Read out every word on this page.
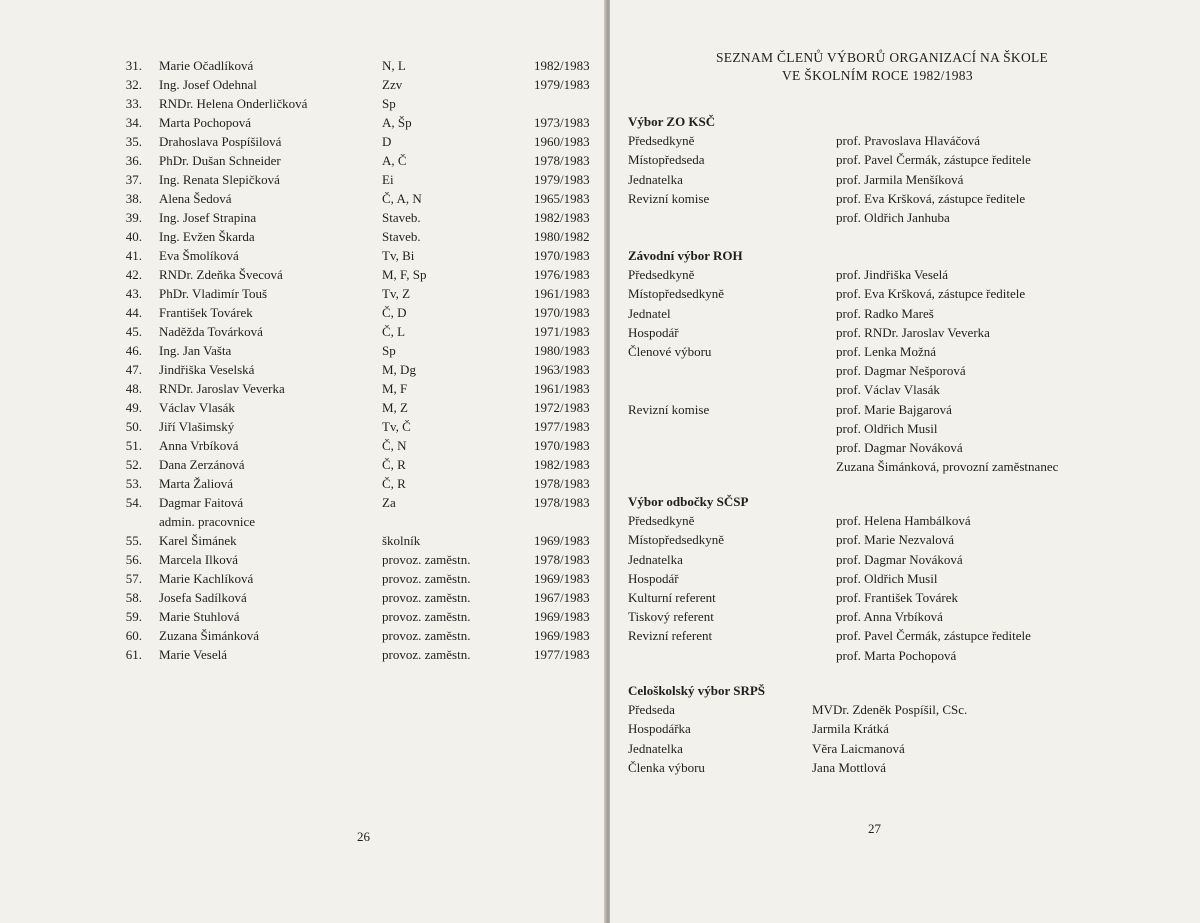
26
31. Marie Očadlíková	N, L	1982/1983
32. Ing. Josef Odehnal	Zzv	1979/1983
33. RNDr. Helena Onderličková	Sp
34. Marta Pochopová	A, Šp	1973/1983
35. Drahoslava Pospíšilová	D	1960/1983
36. PhDr. Dušan Schneider	A, Č	1978/1983
37. Ing. Renata Slepičková	Ei	1979/1983
38. Alena Šedová	Č, A, N	1965/1983
39. Ing. Josef Strapina	Staveb.	1982/1983
40. Ing. Evžen Škarda	Staveb.	1980/1982
41. Eva Šmolíková	Tv, Bi	1970/1983
42. RNDr. Zdeňka Švecová	M, F, Sp	1976/1983
43. PhDr. Vladimír Touš	Tv, Z	1961/1983
44. František Továrek	Č, D	1970/1983
45. Naděžda Továrková	Č, L	1971/1983
46. Ing. Jan Vašta	Sp	1980/1983
47. Jindřiška Veselská	M, Dg	1963/1983
48. RNDr. Jaroslav Veverka	M, F	1961/1983
49. Václav Vlasák	M, Z	1972/1983
50. Jiří Vlašimský	Tv, Č	1977/1983
51. Anna Vrbíková	Č, N	1970/1983
52. Dana Zerzánová	Č, R	1982/1983
53. Marta Žaliová	Č, R	1978/1983
54. Dagmar Faitová	Za	1978/1983
admin. pracovnice
55. Karel Šimánek	školník	1969/1983
56. Marcela Ilková	provoz. zaměstn.	1978/1983
57. Marie Kachlíková	provoz. zaměstn.	1969/1983
58. Josefa Sadílková	provoz. zaměstn.	1967/1983
59. Marie Stuhlová	provoz. zaměstn.	1969/1983
60. Zuzana Šimánková	provoz. zaměstn.	1969/1983
61. Marie Veselá	provoz. zaměstn.	1977/1983
SEZNAM ČLENŮ VÝBORŮ ORGANIZACÍ NA ŠKOLE
VE ŠKOLNÍM ROCE 1982/1983
27
Výbor ZO KSČ
Předsedkyně	prof. Pravoslava Hlaváčová
Místopředseda	prof. Pavel Čermák, zástupce ředitele
Jednatelka	prof. Jarmila Menšíková
Revizní komise	prof. Eva Kršková, zástupce ředitele
prof. Oldřich Janhuba
Závodní výbor ROH
Předsedkyně	prof. Jindřiška Veselá
Místopředsedkyně	prof. Eva Kršková, zástupce ředitele
Jednatel	prof. Radko Mareš
Hospodář	prof. RNDr. Jaroslav Veverka
Členové výboru	prof. Lenka Možná
prof. Dagmar Nešporová
prof. Václav Vlasák
Revizní komise	prof. Marie Bajgarová
prof. Oldřich Musil
prof. Dagmar Nováková
Zuzana Šimánková, provozní zaměstnanec
Výbor odbočky SČSP
Předsedkyně	prof. Helena Hambálková
Místopředsedkyně	prof. Marie Nezvalová
Jednatelka	prof. Dagmar Nováková
Hospodář	prof. Oldřich Musil
Kulturní referent	prof. František Továrek
Tiskový referent	prof. Anna Vrbíková
Revizní referent	prof. Pavel Čermák, zástupce ředitele
prof. Marta Pochopová
Celoškolský výbor SRPŠ
Předseda	MVDr. Zdeněk Pospíšil, CSc.
Hospodářka	Jarmila Krátká
Jednatelka	Věra Laicmanová
Členka výboru	Jana Mottlová
